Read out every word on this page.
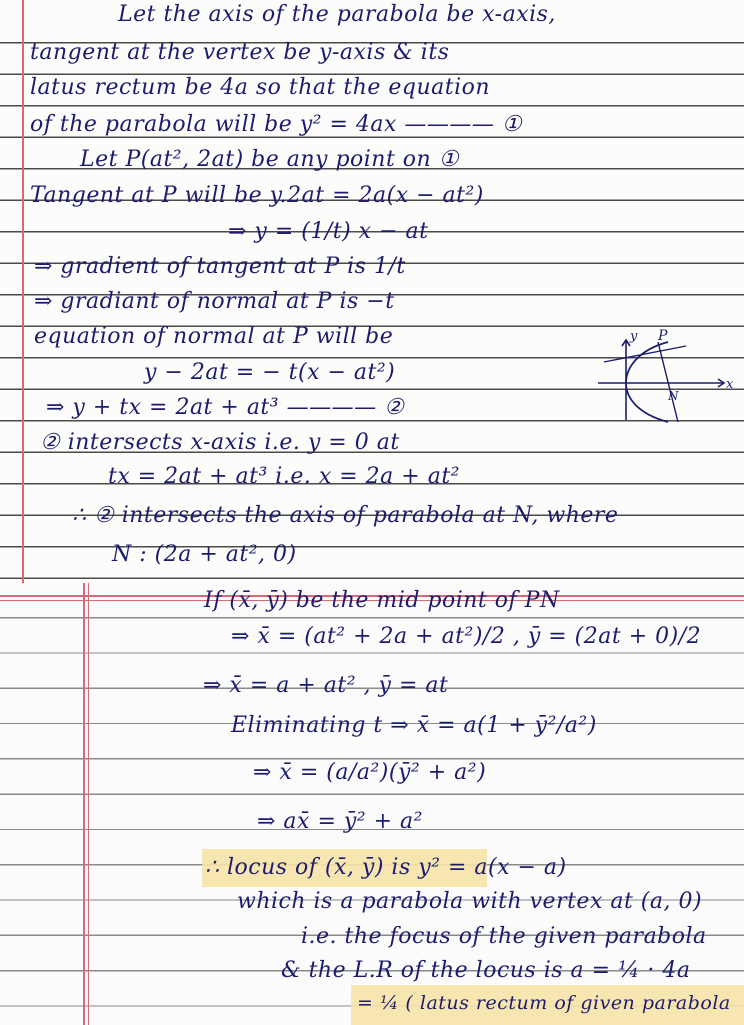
Let the axis of the parabola be x-axis,
tangent at the vertex be y-axis & its
latus rectum be 4a so that the equation
of the parabola will be y² = 4ax ———— ①
Let P(at², 2at) be any point on ①
Tangent at P will be y.2at = 2a(x − at²)
⇒ y = (1/t) x − at
⇒ gradient of tangent at P is 1/t
⇒ gradiant of normal at P is −t
equation of normal at P will be
y − 2at = − t(x − at²)
⇒ y + tx = 2at + at³ ———— ②
② intersects x-axis i.e. y = 0 at
tx = 2at + at³ i.e. x = 2a + at²
∴ ② intersects the axis of parabola at N, where
N : (2a + at², 0)
y P
x
N
If (x̄, ȳ) be the mid point of PN
⇒ x̄ = (at² + 2a + at²)/2 , ȳ = (2at + 0)/2
⇒ x̄ = a + at² , ȳ = at
Eliminating t ⇒ x̄ = a(1 + ȳ²/a²)
⇒ x̄ = (a/a²)(ȳ² + a²)
⇒ ax̄ = ȳ² + a²
∴ locus of (x̄, ȳ) is y² = a(x − a)
which is a parabola with vertex at (a, 0)
i.e. the focus of the given parabola
& the L.R of the locus is a = ¼ · 4a
= ¼ ( latus rectum of given parabola
